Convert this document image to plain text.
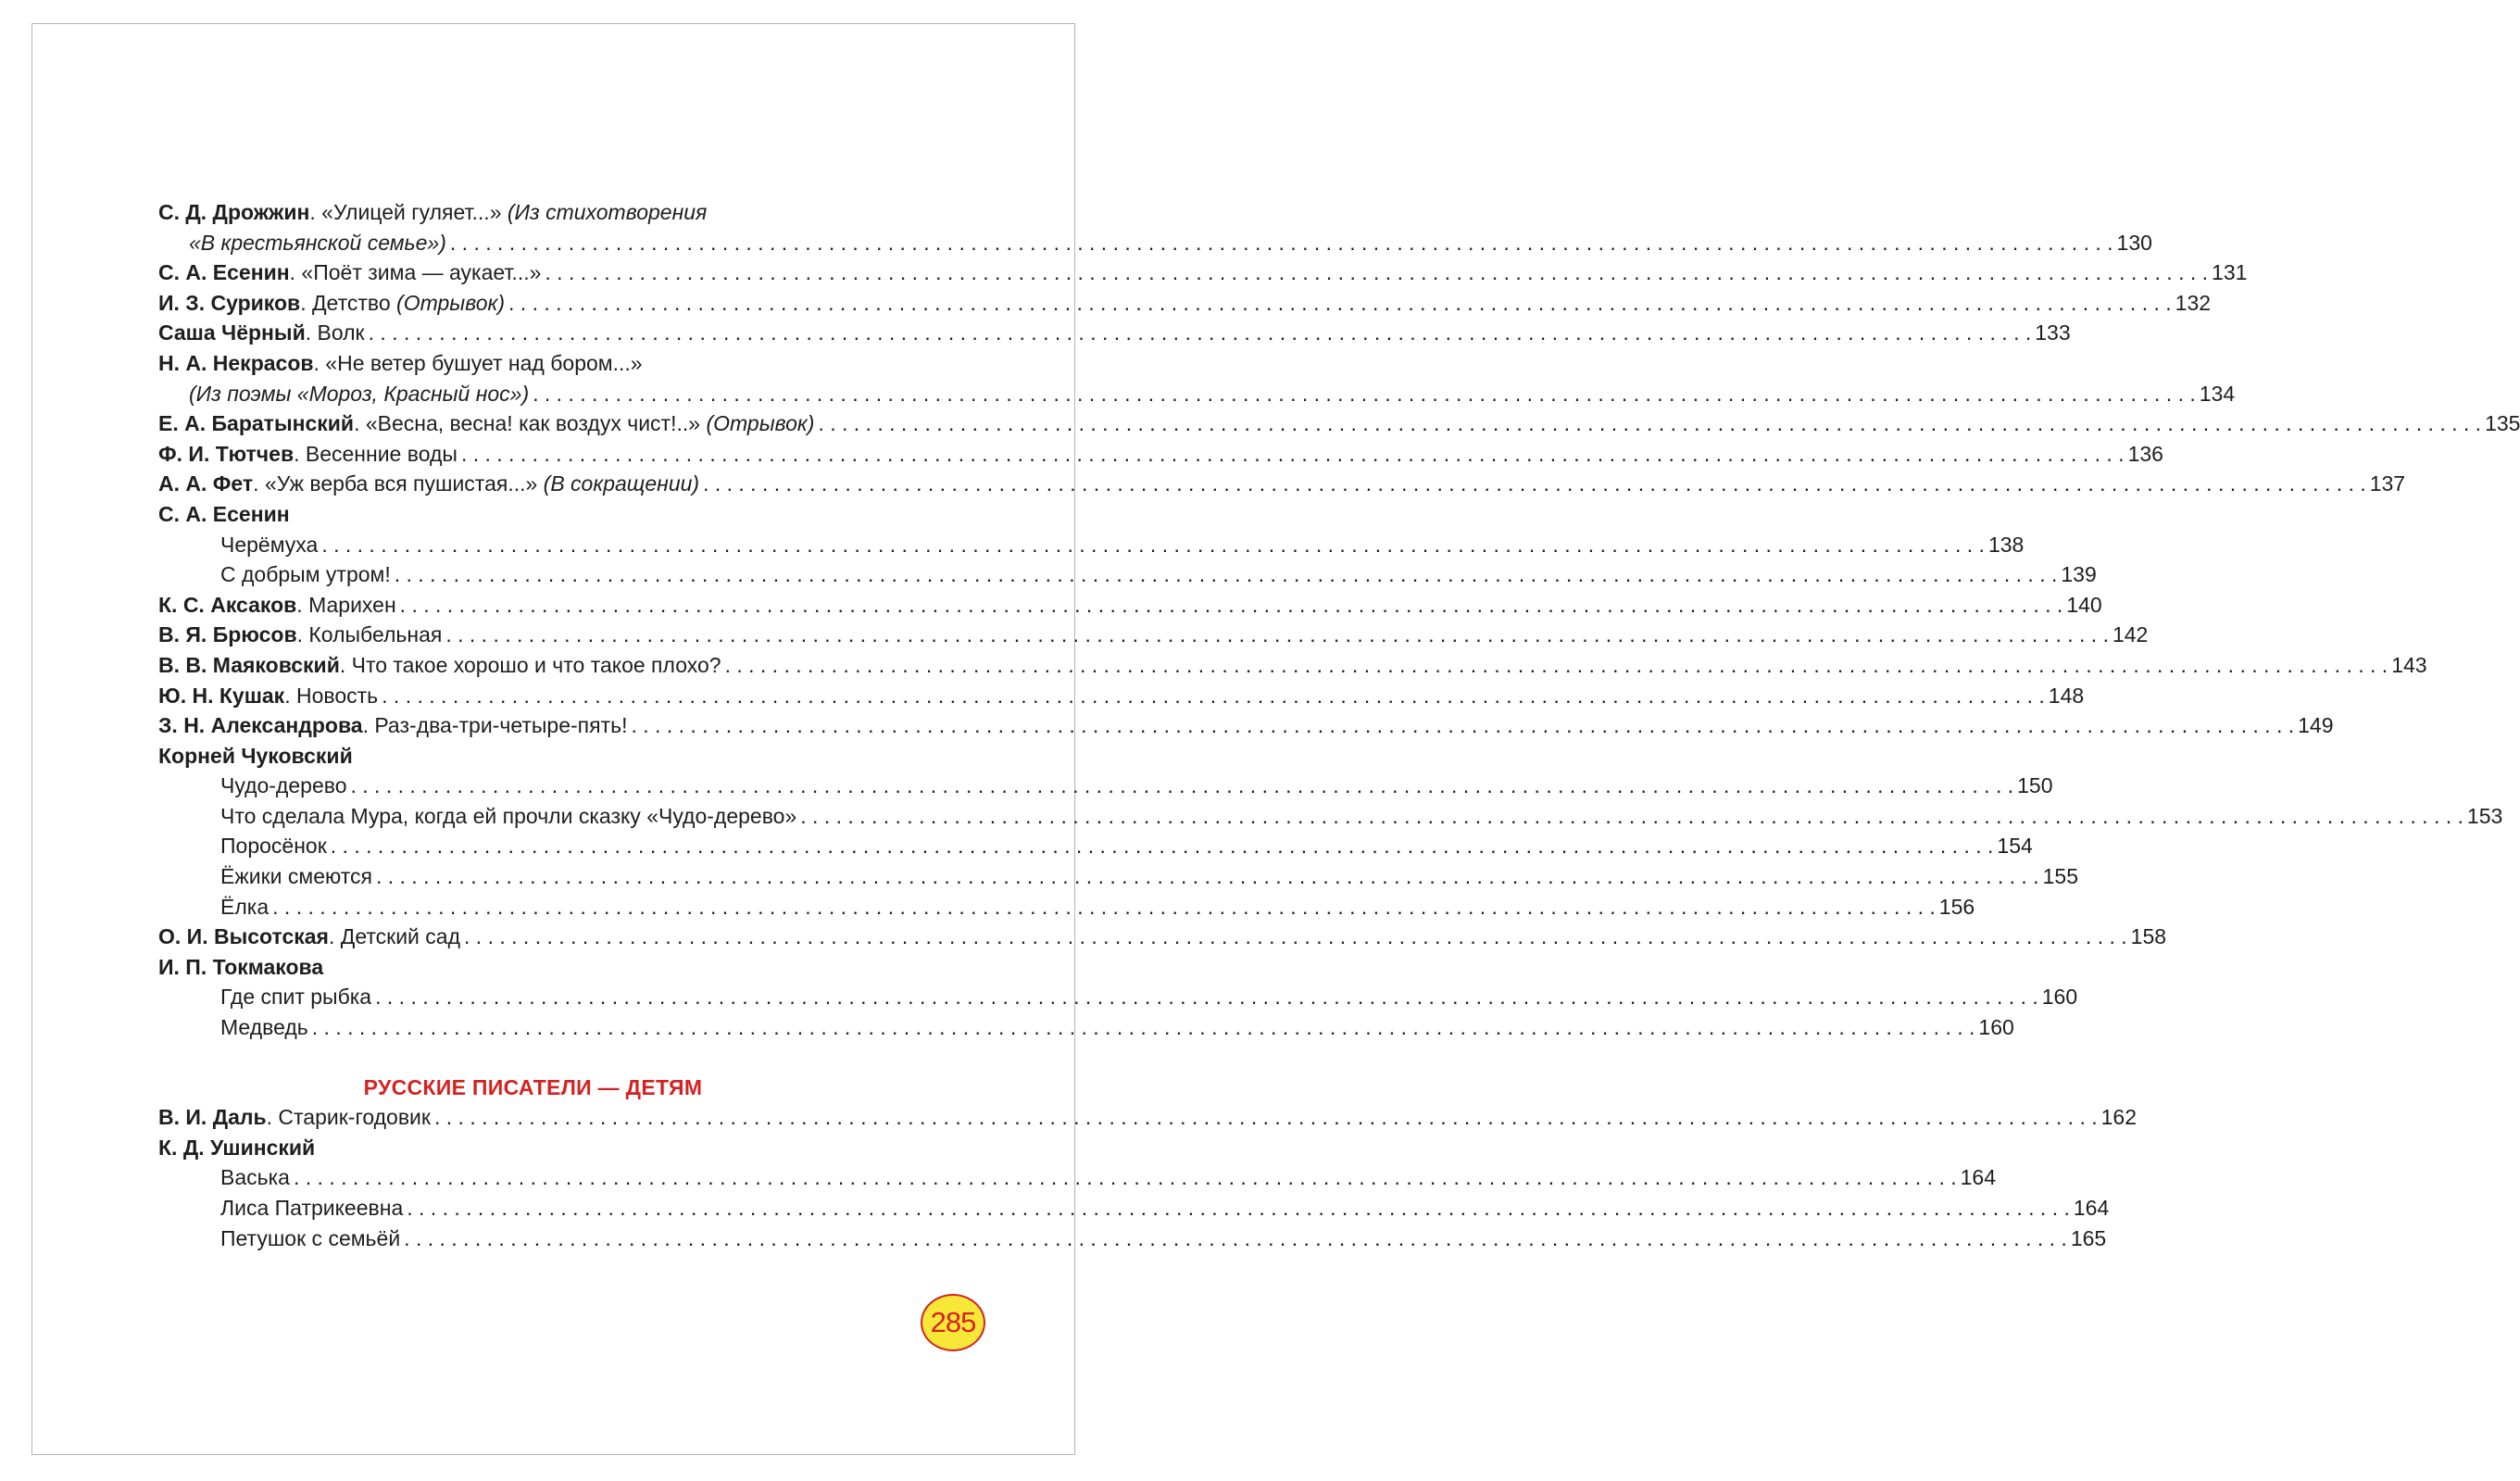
С. Д. Дрожжин. «Улицей гуляет...» (Из стихотворения
«В крестьянской семье») . . .	130
С. А. Есенин. «Поёт зима — аукает...» . . .	131
И. З. Суриков. Детство (Отрывок) . . .	132
Саша Чёрный. Волк . . .	133
Н. А. Некрасов. «Не ветер бушует над бором...»
(Из поэмы «Мороз, Красный нос») . . .	134
Е. А. Баратынский. «Весна, весна! как воздух чист!..» (Отрывок) . . .	135
Ф. И. Тютчев. Весенние воды . . .	136
А. А. Фет. «Уж верба вся пушистая...» (В сокращении) . . .	137
С. А. Есенин
Черёмуха . . .	138
С добрым утром! . . .	139
К. С. Аксаков. Марихен . . .	140
В. Я. Брюсов. Колыбельная . . .	142
В. В. Маяковский. Что такое хорошо и что такое плохо? . . .	143
Ю. Н. Кушак. Новость . . .	148
З. Н. Александрова. Раз-два-три-четыре-пять! . . .	149
Корней Чуковский
Чудо-дерево . . .	150
Что сделала Мура, когда ей прочли сказку «Чудо-дерево» . . .	153
Поросёнок . . .	154
Ёжики смеются . . .	155
Ёлка . . .	156
О. И. Высотская. Детский сад . . .	158
И. П. Токмакова
Где спит рыбка . . .	160
Медведь . . .	160
РУССКИЕ ПИСАТЕЛИ — ДЕТЯМ
В. И. Даль. Старик-годовик . . .	162
К. Д. Ушинский
Васька . . .	164
Лиса Патрикеевна . . .	164
Петушок с семьёй . . .	165
285
